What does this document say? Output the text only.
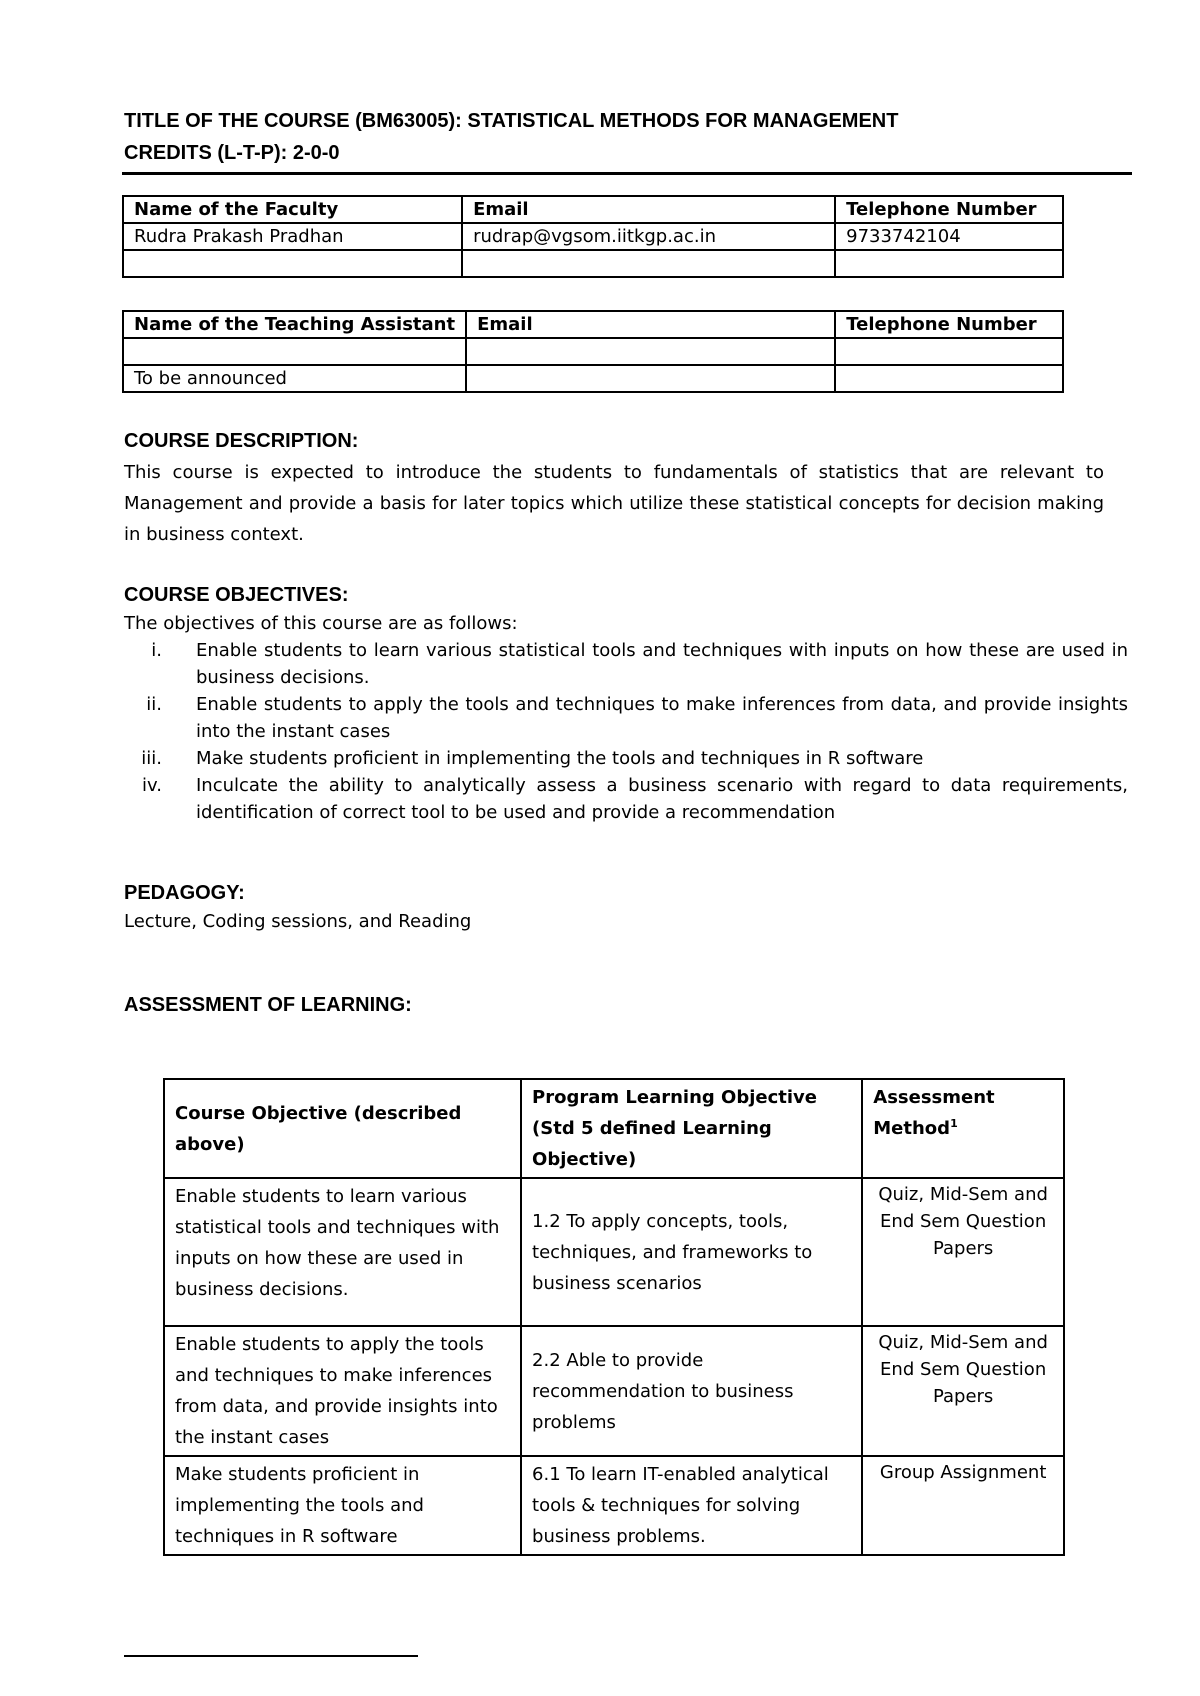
TITLE OF THE COURSE (BM63005): STATISTICAL METHODS FOR MANAGEMENT
CREDITS (L-T-P): 2-0-0
Name of the Faculty	Email	Telephone Number
Rudra Prakash Pradhan	rudrap@vgsom.iitkgp.ac.in	9733742104

Name of the Teaching Assistant	Email	Telephone Number

To be announced		
COURSE DESCRIPTION:
This course is expected to introduce the students to fundamentals of statistics that are relevant to Management and provide a basis for later topics which utilize these statistical concepts for decision making in business context.
COURSE OBJECTIVES:
The objectives of this course are as follows:
i. Enable students to learn various statistical tools and techniques with inputs on how these are used in business decisions.
ii. Enable students to apply the tools and techniques to make inferences from data, and provide insights into the instant cases
iii. Make students proficient in implementing the tools and techniques in R software
iv. Inculcate the ability to analytically assess a business scenario with regard to data requirements, identification of correct tool to be used and provide a recommendation
PEDAGOGY:
Lecture, Coding sessions, and Reading
ASSESSMENT OF LEARNING:
Course Objective (described above)	Program Learning Objective (Std 5 defined Learning Objective)	Assessment Method$^1$
Enable students to learn various statistical tools and techniques with inputs on how these are used in business decisions.	1.2 To apply concepts, tools, techniques, and frameworks to business scenarios	Quiz, Mid-Sem and End Sem Question Papers
Enable students to apply the tools and techniques to make inferences from data, and provide insights into the instant cases	2.2 Able to provide recommendation to business problems	Quiz, Mid-Sem and End Sem Question Papers
Make students proficient in implementing the tools and techniques in R software	6.1 To learn IT-enabled analytical tools & techniques for solving business problems.	Group Assignment
